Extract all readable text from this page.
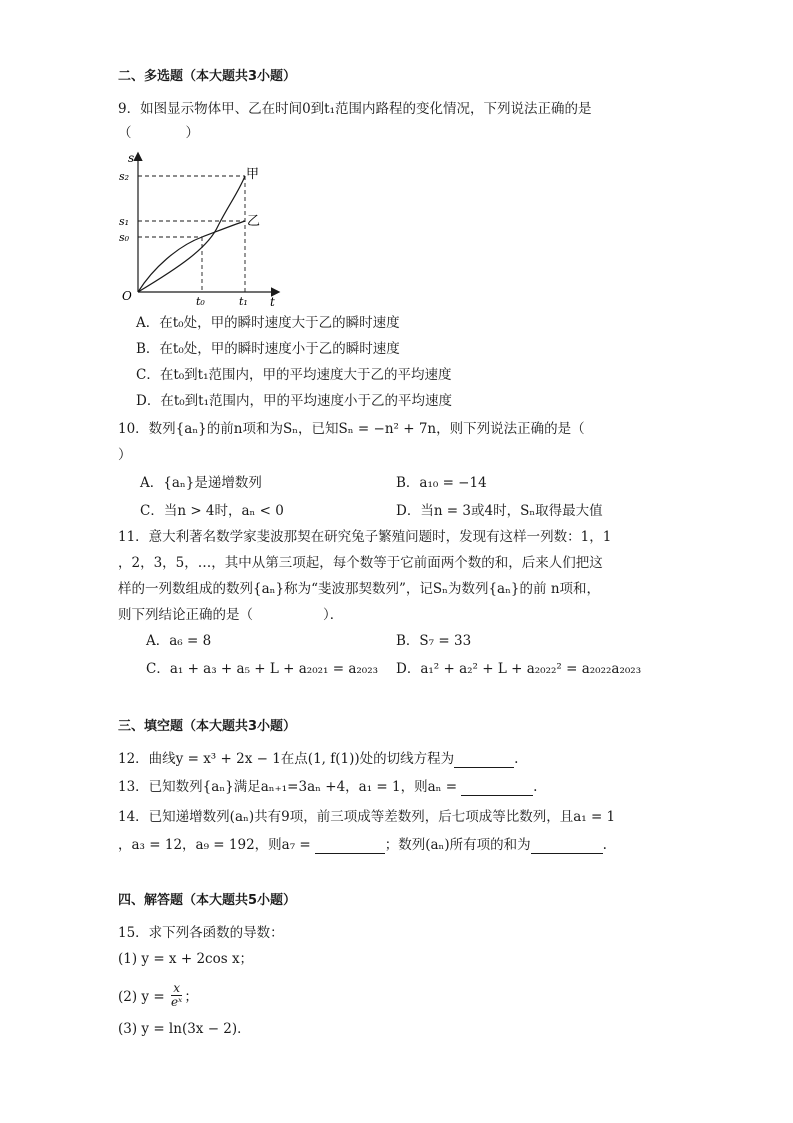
二、多选题（本大题共3小题）
9．如图显示物体甲、乙在时间0到t₁范围内路程的变化情况，下列说法正确的是
（　　　　）
s
t
O
s₂
s₁
s₀
t₀	t₁
甲
乙
A．在t₀处，甲的瞬时速度大于乙的瞬时速度
B．在t₀处，甲的瞬时速度小于乙的瞬时速度
C．在t₀到t₁范围内，甲的平均速度大于乙的平均速度
D．在t₀到t₁范围内，甲的平均速度小于乙的平均速度
10．数列{aₙ}的前n项和为Sₙ，已知Sₙ = −n² + 7n，则下列说法正确的是（
）
A．{aₙ}是递增数列	B．a₁₀ = −14
C．当n > 4时，aₙ < 0	D．当n = 3或4时，Sₙ取得最大值
11．意大利著名数学家斐波那契在研究兔子繁殖问题时，发现有这样一列数：1，1
，2，3，5，…，其中从第三项起，每个数等于它前面两个数的和，后来人们把这
样的一列数组成的数列{aₙ}称为“斐波那契数列”，记Sₙ为数列{aₙ}的前 n项和，
则下列结论正确的是（	）．
A．a₆ = 8	B．S₇ = 33
C．a₁ + a₃ + a₅ + L + a₂₀₂₁ = a₂₀₂₃ D．a₁² + a₂² + L + a₂₀₂₂² = a₂₀₂₂a₂₀₂₃
三、填空题（本大题共3小题）
12．曲线y = x³ + 2x − 1在点(1, f(1))处的切线方程为	.
13．已知数列{aₙ}满足aₙ₊₁=3aₙ +4，a₁ = 1，则aₙ =	.
14．已知递增数列(aₙ)共有9项，前三项成等差数列，后七项成等比数列，且a₁ = 1
，a₃ = 12，a₉ = 192，则a₇ =	；数列(aₙ)所有项的和为	.
四、解答题（本大题共5小题）
15．求下列各函数的导数：
(1) y = x + 2cos x；
(2) $y = \frac{x}{\text{eˣ}}$ ；
(3) y = ln(3x − 2)．
